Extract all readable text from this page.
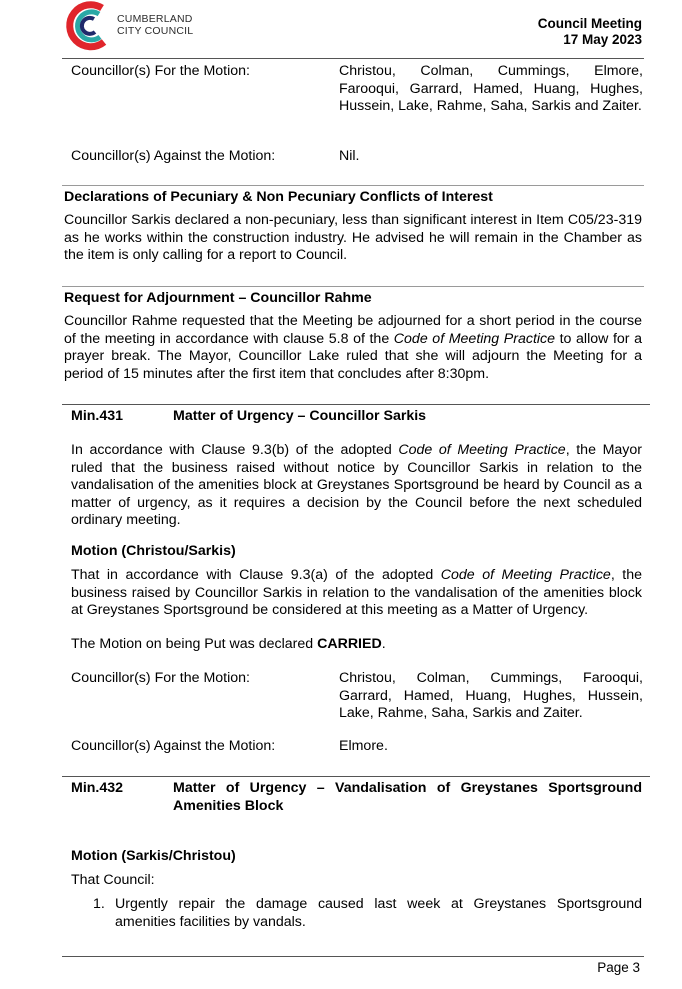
CUMBERLAND
CITY COUNCIL	Council Meeting
17 May 2023
Councillor(s) For the Motion:	Christou, Colman, Cummings, Elmore, Farooqui, Garrard, Hamed, Huang, Hughes, Hussein, Lake, Rahme, Saha, Sarkis and Zaiter.
Councillor(s) Against the Motion:	Nil.
Declarations of Pecuniary & Non Pecuniary Conflicts of Interest
Councillor Sarkis declared a non-pecuniary, less than significant interest in Item C05/23-319 as he works within the construction industry. He advised he will remain in the Chamber as the item is only calling for a report to Council.
Request for Adjournment – Councillor Rahme
Councillor Rahme requested that the Meeting be adjourned for a short period in the course of the meeting in accordance with clause 5.8 of the Code of Meeting Practice to allow for a prayer break. The Mayor, Councillor Lake ruled that she will adjourn the Meeting for a period of 15 minutes after the first item that concludes after 8:30pm.
Min.431	Matter of Urgency – Councillor Sarkis
In accordance with Clause 9.3(b) of the adopted Code of Meeting Practice, the Mayor ruled that the business raised without notice by Councillor Sarkis in relation to the vandalisation of the amenities block at Greystanes Sportsground be heard by Council as a matter of urgency, as it requires a decision by the Council before the next scheduled ordinary meeting.
Motion (Christou/Sarkis)
That in accordance with Clause 9.3(a) of the adopted Code of Meeting Practice, the business raised by Councillor Sarkis in relation to the vandalisation of the amenities block at Greystanes Sportsground be considered at this meeting as a Matter of Urgency.
The Motion on being Put was declared CARRIED.
Councillor(s) For the Motion:	Christou, Colman, Cummings, Farooqui, Garrard, Hamed, Huang, Hughes, Hussein, Lake, Rahme, Saha, Sarkis and Zaiter.
Councillor(s) Against the Motion:	Elmore.
Min.432	Matter of Urgency – Vandalisation of Greystanes Sportsground Amenities Block
Motion (Sarkis/Christou)
That Council:
1. Urgently repair the damage caused last week at Greystanes Sportsground amenities facilities by vandals.
Page 3
